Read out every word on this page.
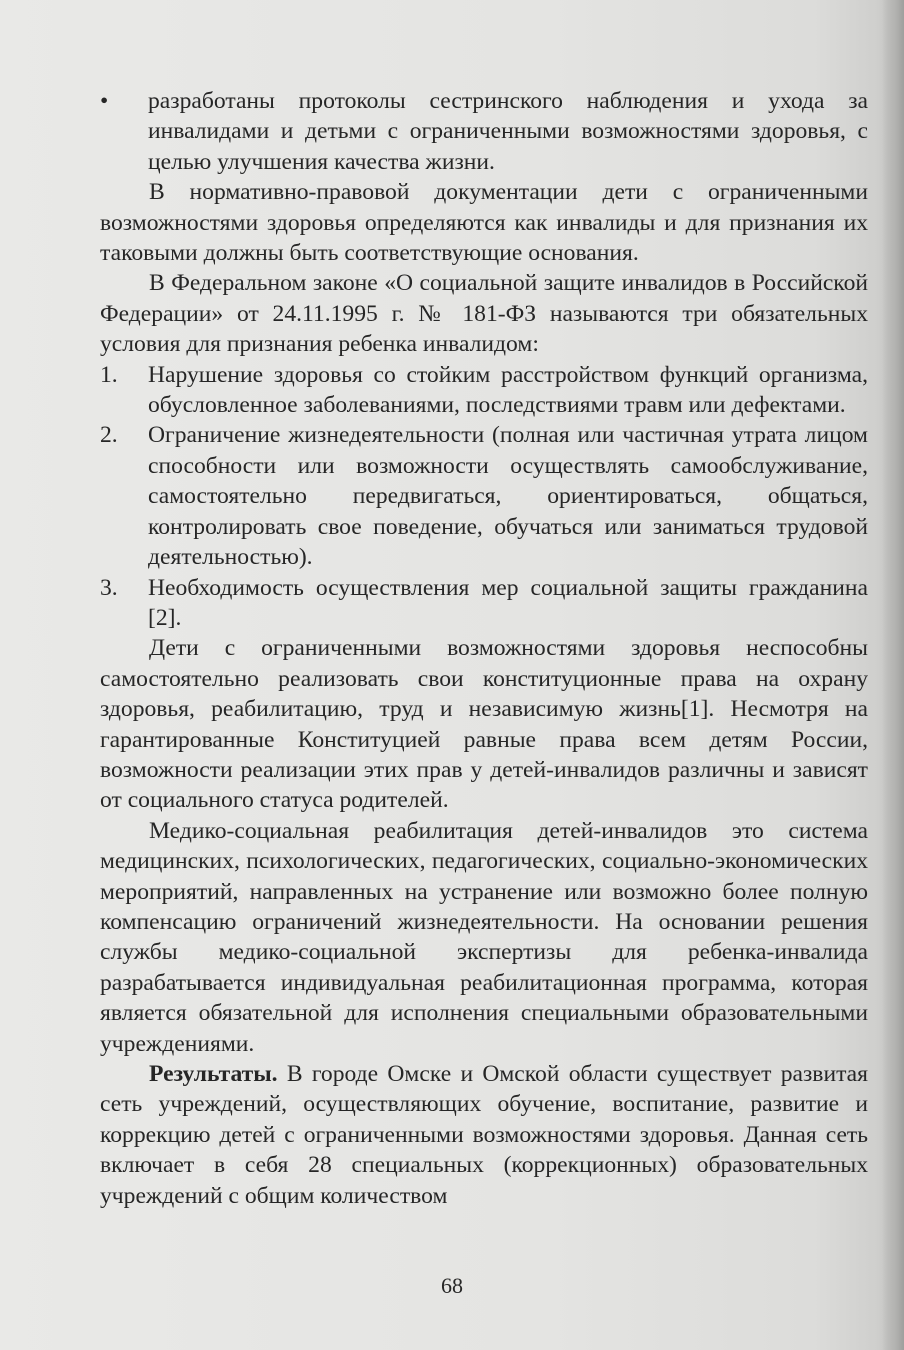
• разработаны протоколы сестринского наблюдения и ухода за инвалидами и детьми с ограниченными возможностями здоровья, с целью улучшения качества жизни.

В нормативно-правовой документации дети с ограниченными возможностями здоровья определяются как инвалиды и для признания их таковыми должны быть соответствующие основания.

В Федеральном законе «О социальной защите инвалидов в Российской Федерации» от 24.11.1995 г. № 181-ФЗ называются три обязательных условия для признания ребенка инвалидом:

1. Нарушение здоровья со стойким расстройством функций организма, обусловленное заболеваниями, последствиями травм или дефектами.

2. Ограничение жизнедеятельности (полная или частичная утрата лицом способности или возможности осуществлять самообслуживание, самостоятельно передвигаться, ориентироваться, общаться, контролировать свое поведение, обучаться или заниматься трудовой деятельностью).

3. Необходимость осуществления мер социальной защиты гражданина [2].

Дети с ограниченными возможностями здоровья неспособны самостоятельно реализовать свои конституционные права на охрану здоровья, реабилитацию, труд и независимую жизнь[1]. Несмотря на гарантированные Конституцией равные права всем детям России, возможности реализации этих прав у детей-инвалидов различны и зависят от социального статуса родителей.

Медико-социальная реабилитация детей-инвалидов это система медицинских, психологических, педагогических, социально-экономических мероприятий, направленных на устранение или возможно более полную компенсацию ограничений жизнедеятельности. На основании решения службы медико-социальной экспертизы для ребенка-инвалида разрабатывается индивидуальная реабилитационная программа, которая является обязательной для исполнения специальными образовательными учреждениями.

Результаты. В городе Омске и Омской области существует развитая сеть учреждений, осуществляющих обучение, воспитание, развитие и коррекцию детей с ограниченными возможностями здоровья. Данная сеть включает в себя 28 специальных (коррекционных) образовательных учреждений с общим количеством

68
